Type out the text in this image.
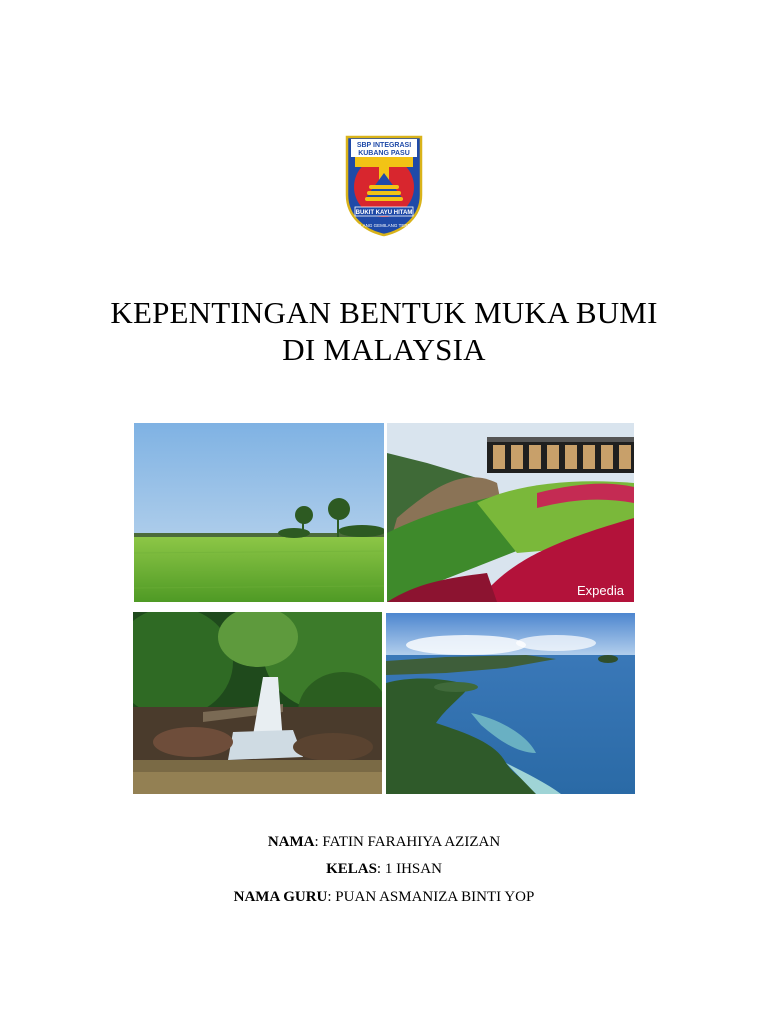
SBP INTEGRASI
KUBANG PASU
BUKIT KAYU HITAM
CEMERLANG GEMILANG TERBILANG
KEPENTINGAN BENTUK MUKA BUMI
DI MALAYSIA
Expedia
NAMA: FATIN FARAHIYA AZIZAN
KELAS: 1 IHSAN
NAMA GURU: PUAN ASMANIZA BINTI YOP
